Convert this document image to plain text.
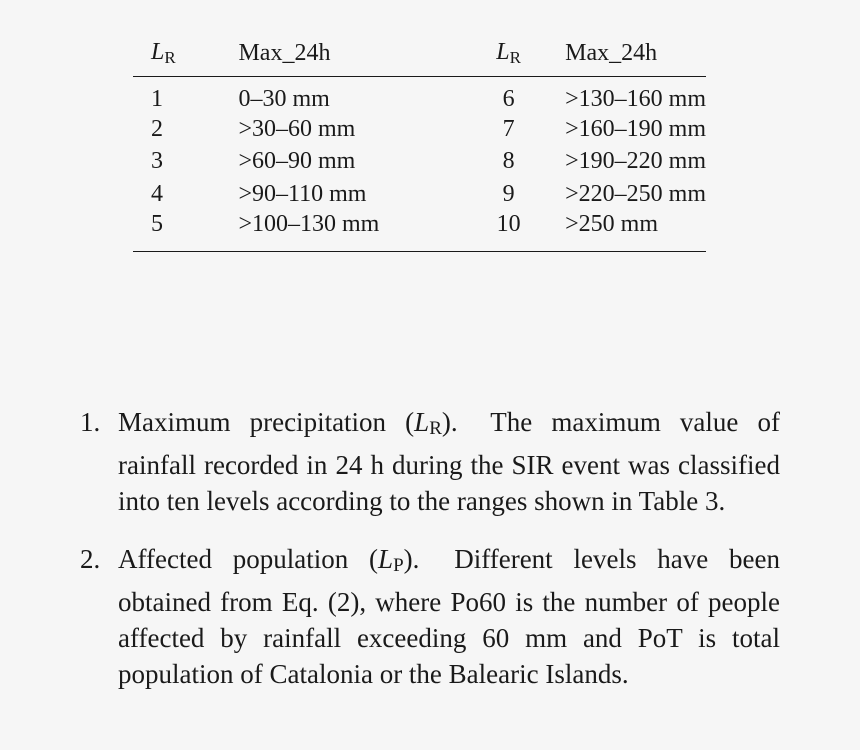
$L_R$	Max_24h	$L_R$	Max_24h
1	0–30 mm	6	>130–160 mm
2	>30–60 mm	7	>160–190 mm
3	>60–90 mm	8	>190–220 mm
4	>90–110 mm	9	>220–250 mm
5	>100–130 mm	10	>250 mm
1. Maximum precipitation (LR). The maximum value of rainfall recorded in 24 h during the SIR event was classified into ten levels according to the ranges shown in Table 3.
2. Affected population (LP). Different levels have been obtained from Eq. (2), where Po60 is the number of people affected by rainfall exceeding 60 mm and PoT is total population of Catalonia or the Balearic Islands.
